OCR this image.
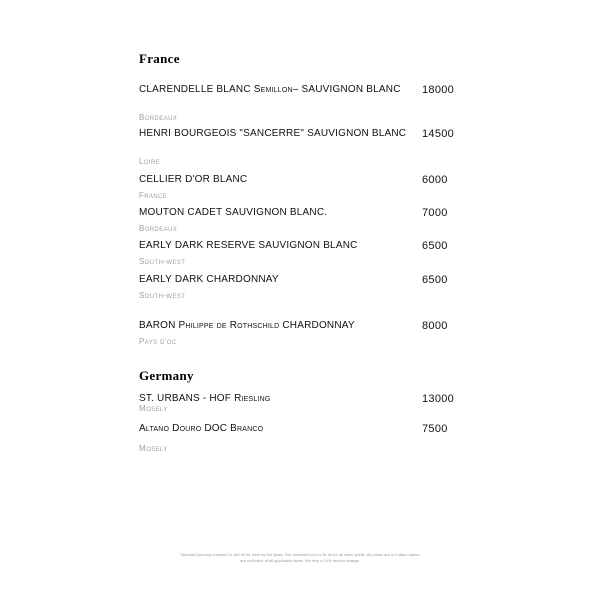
France
CLARENDELLE BLANC Semillon– SAUVIGNON BLANC	18000
Bordeaux
HENRI BOURGEOIS "SANCERRE" SAUVIGNON BLANC	14500
Loire
CELLIER D'OR BLANC	6000
France
MOUTON CADET SAUVIGNON BLANC.	7000
Bordeaux
EARLY DARK RESERVE SAUVIGNON BLANC	6500
South-west
EARLY DARK CHARDONNAY	6500
South-west
BARON Philippe de Rothschild CHARDONNAY	8000
Pays d'oc
Germany
ST. URBANS - HOF Riesling	13000
Mosely
Altano Douro DOC Branco	7500
Mosely
Standard pouring measure is 150 ml for wine by the glass. Our standard pour is 50 ml for all other spirits. All prices are in Indian rupees
are exclusive of all applicable taxes. We levy a 10% service charge.
